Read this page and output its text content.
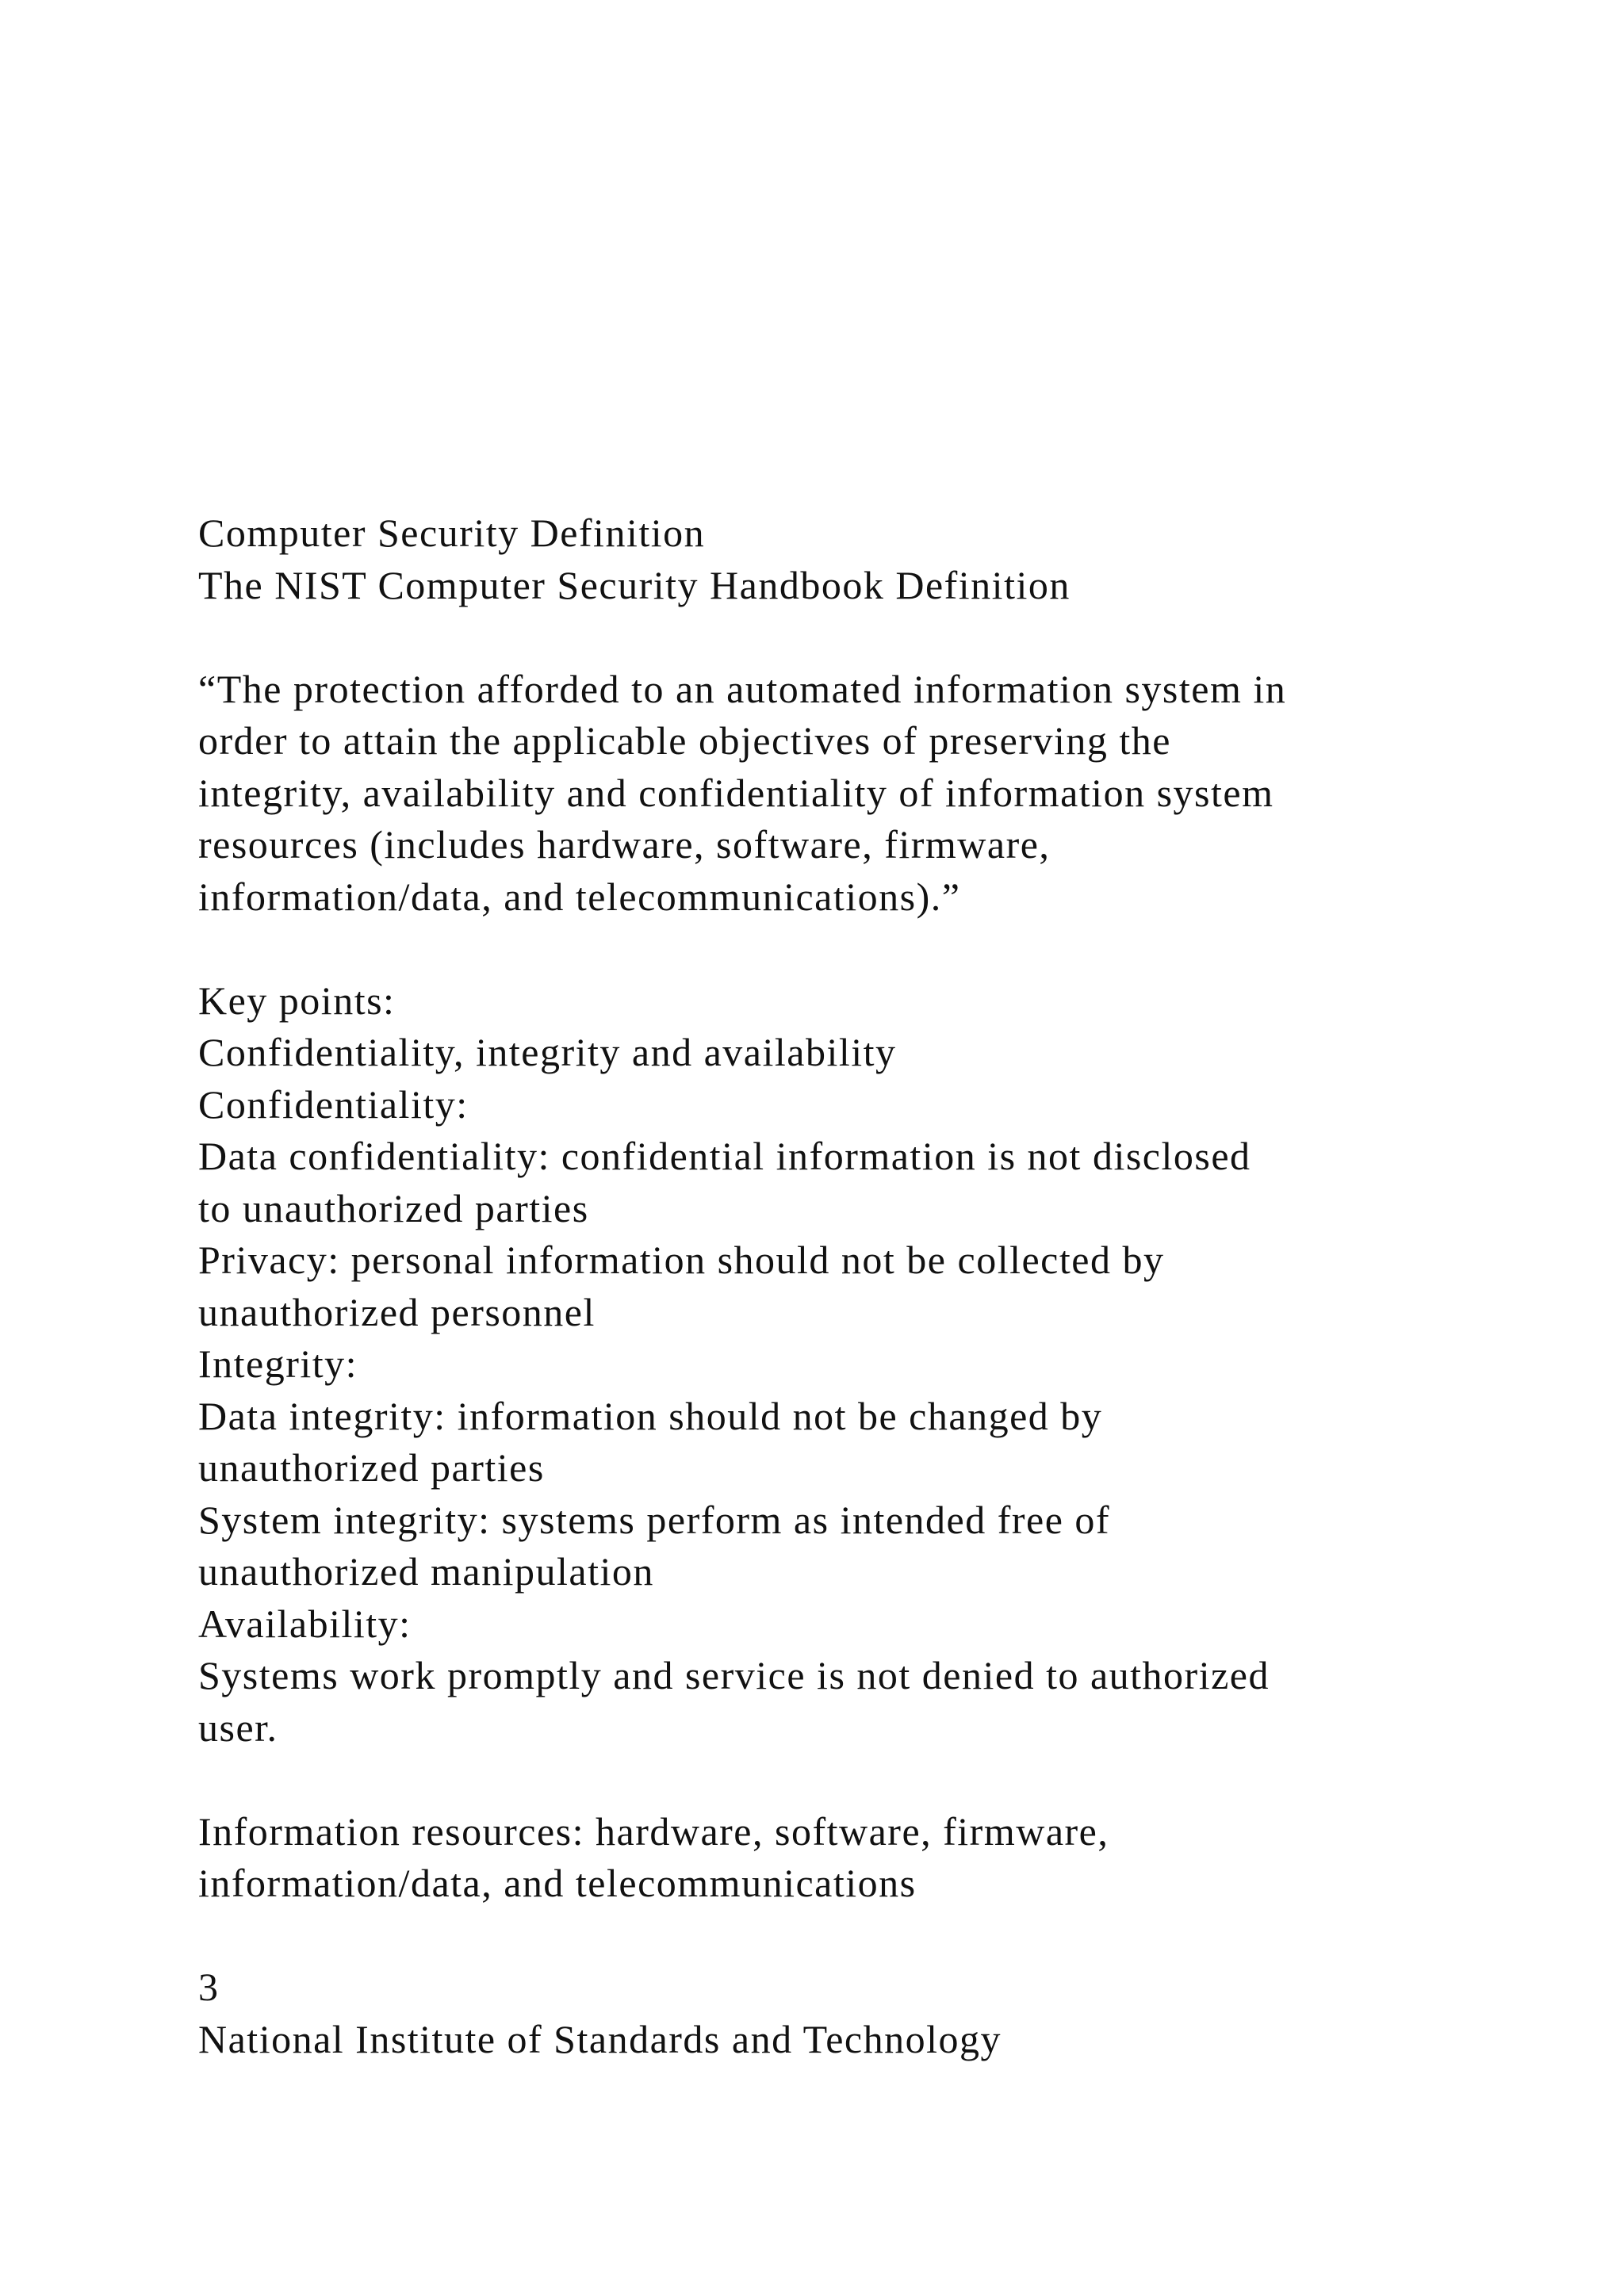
Computer Security Definition
The NIST Computer Security Handbook Definition
“The protection afforded to an automated information system in
order to attain the applicable objectives of preserving the
integrity, availability and confidentiality of information system
resources (includes hardware, software, firmware,
information/data, and telecommunications).”
Key points:
Confidentiality, integrity and availability
Confidentiality:
Data confidentiality: confidential information is not disclosed
to unauthorized parties
Privacy: personal information should not be collected by
unauthorized personnel
Integrity:
Data integrity: information should not be changed by
unauthorized parties
System integrity: systems perform as intended free of
unauthorized manipulation
Availability:
Systems work promptly and service is not denied to authorized
user.
Information resources: hardware, software, firmware,
information/data, and telecommunications
3
National Institute of Standards and Technology
